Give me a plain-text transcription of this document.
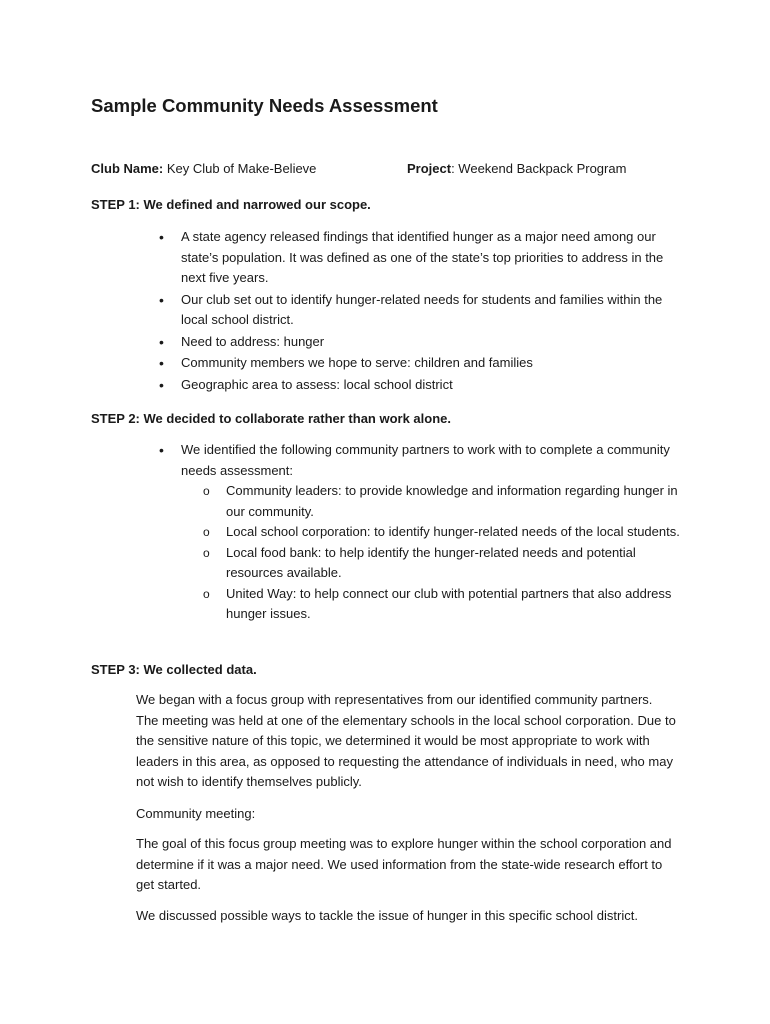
Sample Community Needs Assessment
Club Name: Key Club of Make-Believe	Project: Weekend Backpack Program

STEP 1: We defined and narrowed our scope.

• A state agency released findings that identified hunger as a major need among our state’s population. It was defined as one of the state’s top priorities to address in the next five years.
• Our club set out to identify hunger-related needs for students and families within the local school district.
• Need to address: hunger
• Community members we hope to serve: children and families
• Geographic area to assess: local school district

STEP 2: We decided to collaborate rather than work alone.

• We identified the following community partners to work with to complete a community needs assessment:
o Community leaders: to provide knowledge and information regarding hunger in our community.
o Local school corporation: to identify hunger-related needs of the local students.
o Local food bank: to help identify the hunger-related needs and potential resources available.
o United Way: to help connect our club with potential partners that also address hunger issues.

STEP 3: We collected data.

We began with a focus group with representatives from our identified community partners. The meeting was held at one of the elementary schools in the local school corporation. Due to the sensitive nature of this topic, we determined it would be most appropriate to work with leaders in this area, as opposed to requesting the attendance of individuals in need, who may not wish to identify themselves publicly.

Community meeting:

The goal of this focus group meeting was to explore hunger within the school corporation and determine if it was a major need. We used information from the state-wide research effort to get started.

We discussed possible ways to tackle the issue of hunger in this specific school district.
